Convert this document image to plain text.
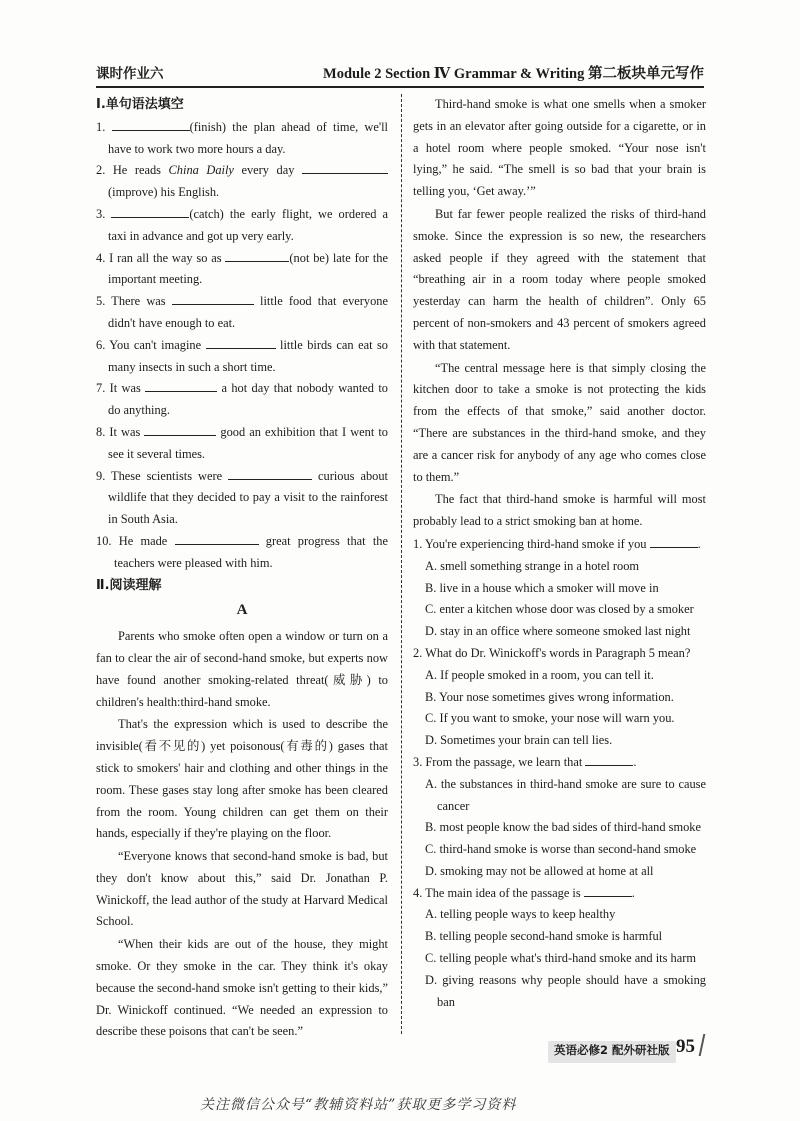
课时作业六	Module 2 Section Ⅳ Grammar & Writing 第二板块单元写作
Ⅰ.单句语法填空

1.	(finish) the plan ahead of time, we'll have to work two more hours a day.

2. He reads China Daily every day  (improve) his English.

3.	(catch) the early flight, we ordered a taxi in advance and got up very early.

4. I ran all the way so as	(not be) late for the important meeting.

5. There was	little food that everyone didn't have enough to eat.

6. You can't imagine	little birds can eat so many insects in such a short time.

7. It was	a hot day that nobody wanted to do anything.

8. It was	good an exhibition that I went to see it several times.

9. These scientists were	curious about wildlife that they decided to pay a visit to the rainforest in South Asia.

10. He made	great progress that the teachers were pleased with him.

Ⅱ.阅读理解
A

Parents who smoke often open a window or turn on a fan to clear the air of second-hand smoke, but experts now have found another smoking-related threat(威胁) to children's health:third-hand smoke.

That's the expression which is used to describe the invisible(看不见的) yet poisonous(有毒的) gases that stick to smokers' hair and clothing and other things in the room. These gases stay long after smoke has been cleared from the room. Young children can get them on their hands, especially if they're playing on the floor.

“Everyone knows that second-hand smoke is bad, but they don't know about this,” said Dr. Jonathan P. Winickoff, the lead author of the study at Harvard Medical School.

“When their kids are out of the house, they might smoke. Or they smoke in the car. They think it's okay because the second-hand smoke isn't getting to their kids,” Dr. Winickoff continued. “We needed an expression to describe these poisons that can't be seen.”

Third-hand smoke is what one smells when a smoker gets in an elevator after going outside for a cigarette, or in a hotel room where people smoked. “Your nose isn't lying,” he said. “The smell is so bad that your brain is telling you, ‘Get away.’”

But far fewer people realized the risks of third-hand smoke. Since the expression is so new, the researchers asked people if they agreed with the statement that “breathing air in a room today where people smoked yesterday can harm the health of children”. Only 65 percent of non-smokers and 43 percent of smokers agreed with that statement.

“The central message here is that simply closing the kitchen door to take a smoke is not protecting the kids from the effects of that smoke,” said another doctor. “There are substances in the third-hand smoke, and they are a cancer risk for anybody of any age who comes close to them.”

The fact that third-hand smoke is harmful will most probably lead to a strict smoking ban at home.

1. You're experiencing third-hand smoke if you	.

A. smell something strange in a hotel room

B. live in a house which a smoker will move in

C. enter a kitchen whose door was closed by a smoker

D. stay in an office where someone smoked last night

2. What do Dr. Winickoff's words in Paragraph 5 mean?

A. If people smoked in a room, you can tell it.

B. Your nose sometimes gives wrong information.

C. If you want to smoke, your nose will warn you.

D. Sometimes your brain can tell lies.

3. From the passage, we learn that	.

A. the substances in third-hand smoke are sure to cause cancer

B. most people know the bad sides of third-hand smoke

C. third-hand smoke is worse than second-hand smoke

D. smoking may not be allowed at home at all

4. The main idea of the passage is	.

A. telling people ways to keep healthy

B. telling people second-hand smoke is harmful

C. telling people what's third-hand smoke and its harm

D. giving reasons why people should have a smoking ban

英语必修2 配外研社版 95
关注微信公众号“教辅资料站”获取更多学习资料
